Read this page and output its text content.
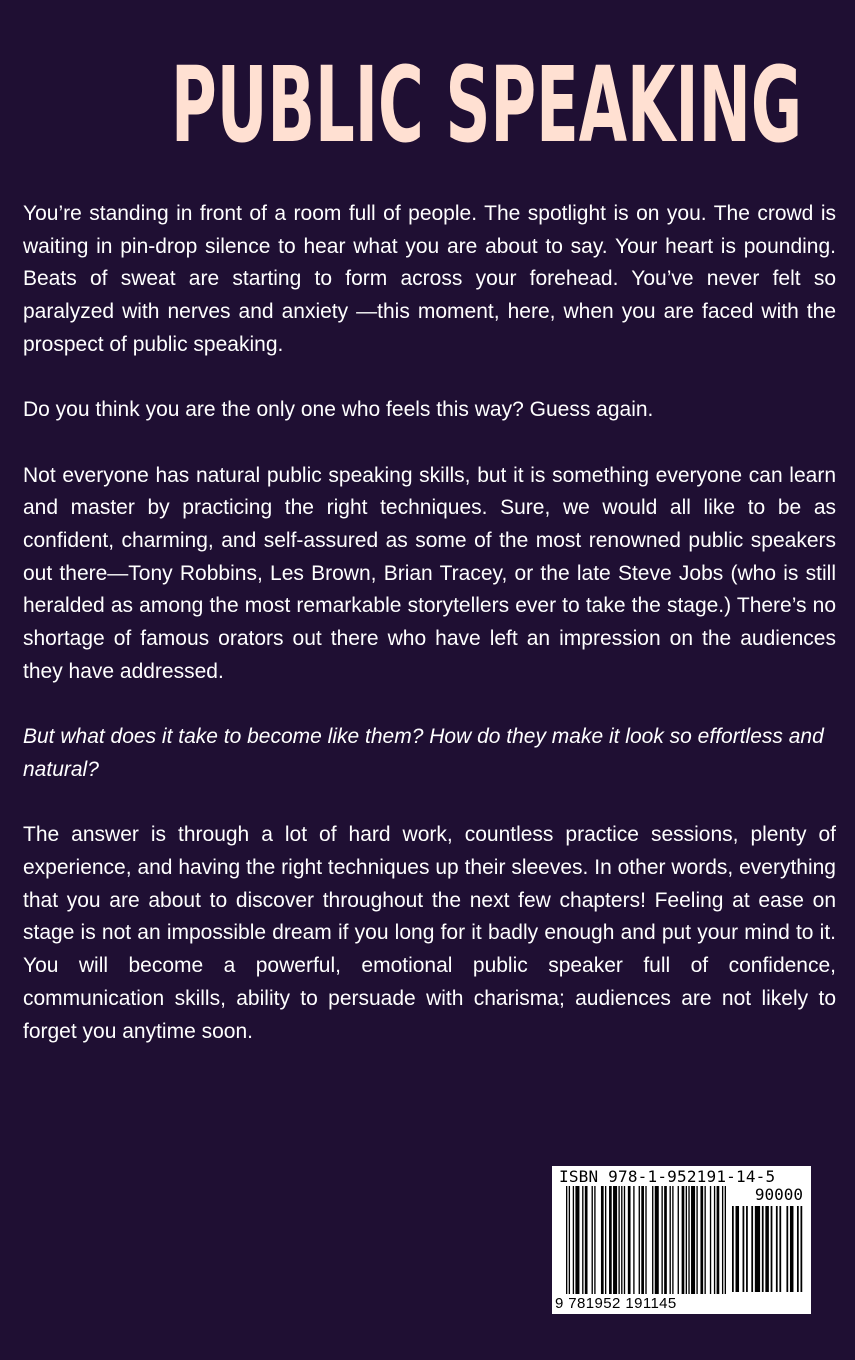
PUBLIC SPEAKING

You’re standing in front of a room full of people. The spotlight is on you. The crowd is waiting in pin-drop silence to hear what you are about to say. Your heart is pounding. Beats of sweat are starting to form across your forehead. You’ve never felt so paralyzed with nerves and anxiety —this moment, here, when you are faced with the prospect of public speaking.

Do you think you are the only one who feels this way? Guess again.

Not everyone has natural public speaking skills, but it is something everyone can learn and master by practicing the right techniques. Sure, we would all like to be as confident, charming, and self-assured as some of the most renowned public speakers out there—Tony Robbins, Les Brown, Brian Tracey, or the late Steve Jobs (who is still heralded as among the most remarkable storytellers ever to take the stage.) There’s no shortage of famous orators out there who have left an impression on the audiences they have addressed.

But what does it take to become like them? How do they make it look so effortless and natural?

The answer is through a lot of hard work, countless practice sessions, plenty of experience, and having the right techniques up their sleeves. In other words, everything that you are about to discover throughout the next few chapters! Feeling at ease on stage is not an impossible dream if you long for it badly enough and put your mind to it. You will become a powerful, emotional public speaker full of confidence, communication skills, ability to persuade with charisma; audiences are not likely to forget you anytime soon.

ISBN 978-1-952191-14-5
90000
9 781952 191145
